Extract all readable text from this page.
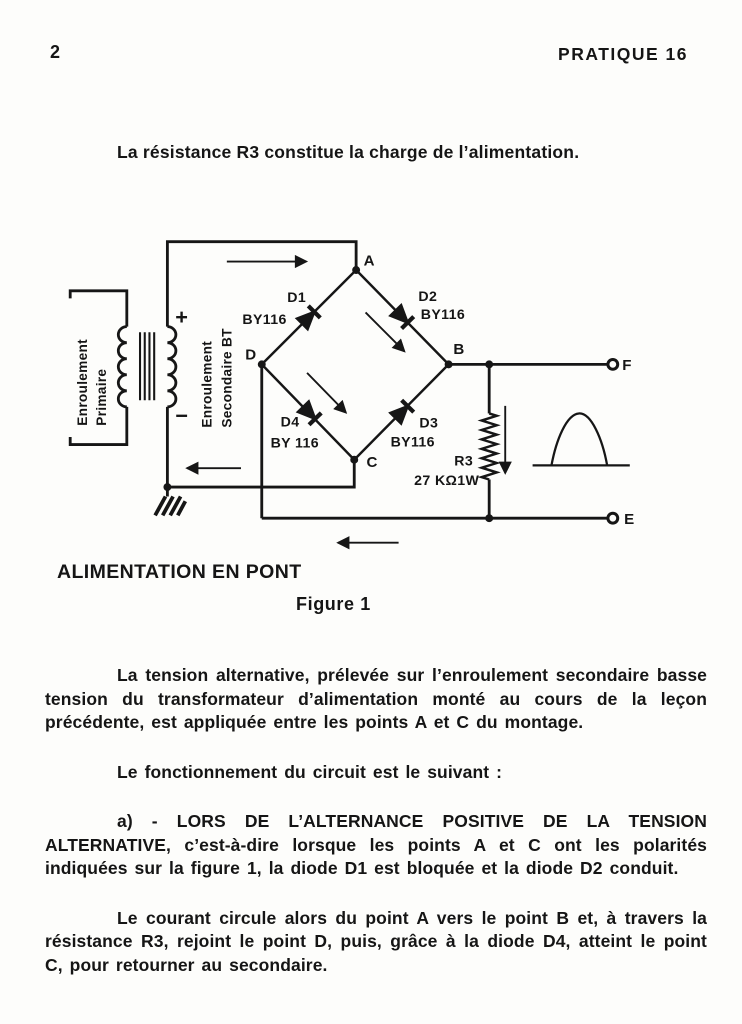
2	PRATIQUE 16
La résistance R3 constitue la charge de l’alimentation.
A
B
C
D
F
E
D1
BY116
D2
BY116
D3
BY116
D4
BY 116
R3
27 KΩ1W
+
−
Enroulement Primaire	Enroulement Secondaire BT
ALIMENTATION EN PONT
Figure 1

La tension alternative, prélevée sur l’enroulement secondaire basse tension du transformateur d’alimentation monté au cours de la leçon précédente, est appliquée entre les points A et C du montage.

Le fonctionnement du circuit est le suivant :

a) - LORS DE L’ALTERNANCE POSITIVE DE LA TENSION ALTERNATIVE, c’est-à-dire lorsque les points A et C ont les polarités indiquées sur la figure 1, la diode D1 est bloquée et la diode D2 conduit.

Le courant circule alors du point A vers le point B et, à travers la résistance R3, rejoint le point D, puis, grâce à la diode D4, atteint le point C, pour retourner au secondaire.
